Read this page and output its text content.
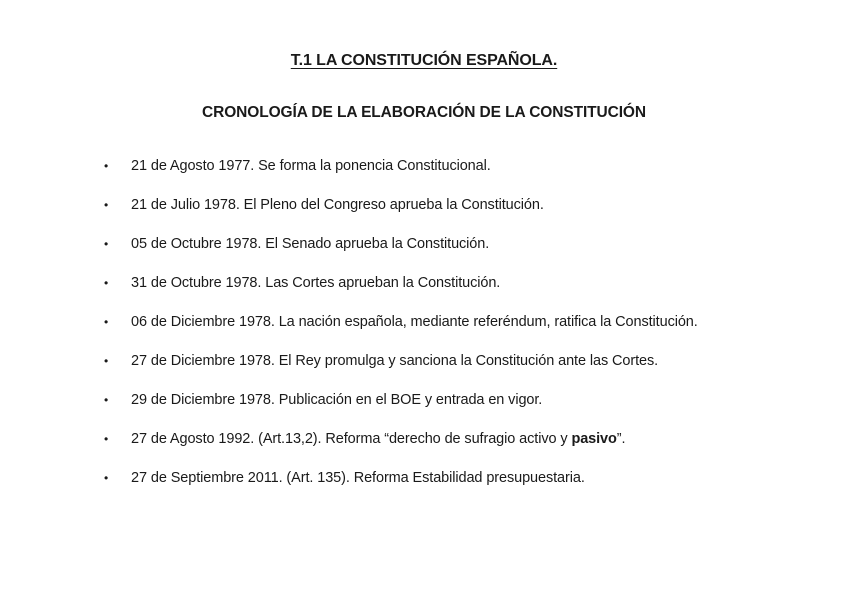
T.1 LA CONSTITUCIÓN ESPAÑOLA.
CRONOLOGÍA DE LA ELABORACIÓN DE LA CONSTITUCIÓN
• 21 de Agosto 1977. Se forma la ponencia Constitucional.
• 21 de Julio 1978. El Pleno del Congreso aprueba la Constitución.
• 05 de Octubre 1978. El Senado aprueba la Constitución.
• 31 de Octubre 1978. Las Cortes aprueban la Constitución.
• 06 de Diciembre 1978. La nación española, mediante referéndum, ratifica la Constitución.
• 27 de Diciembre 1978. El Rey promulga y sanciona la Constitución ante las Cortes.
• 29 de Diciembre 1978. Publicación en el BOE y entrada en vigor.
• 27 de Agosto 1992. (Art.13,2). Reforma “derecho de sufragio activo y pasivo”.
• 27 de Septiembre 2011. (Art. 135). Reforma Estabilidad presupuestaria.
